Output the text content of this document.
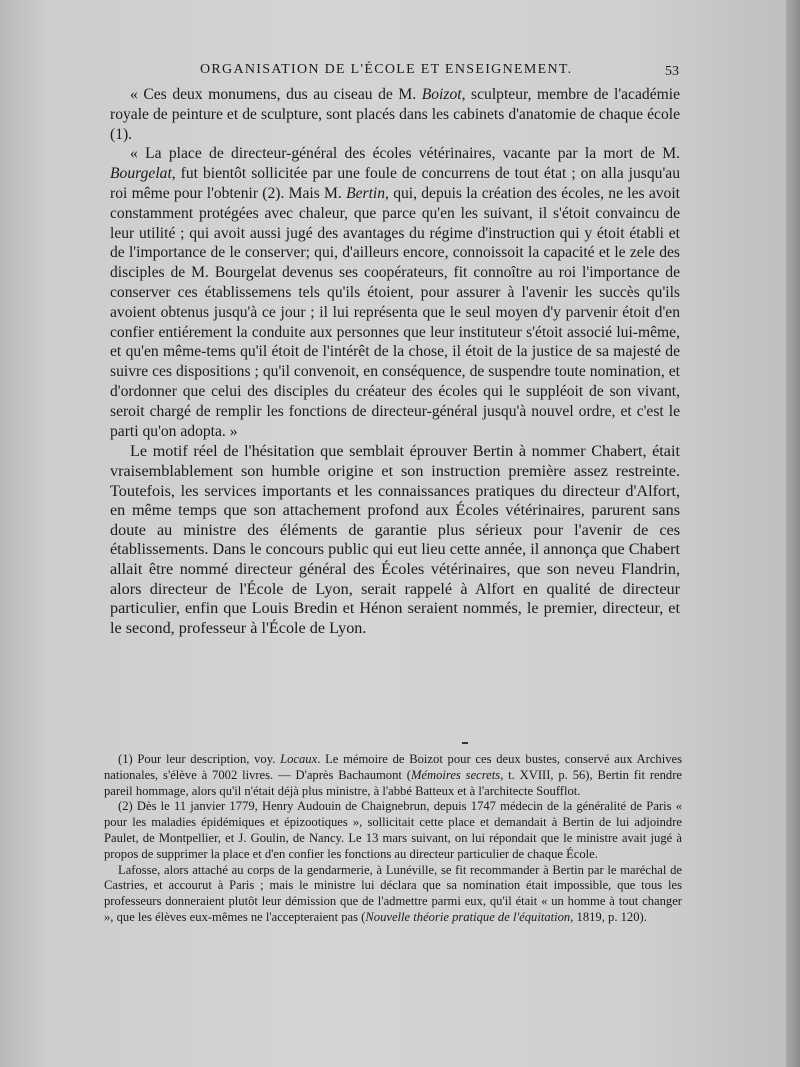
ORGANISATION DE L'ÉCOLE ET ENSEIGNEMENT.	53

« Ces deux monumens, dus au ciseau de M. Boizot, sculpteur, membre de l'académie royale de peinture et de sculpture, sont placés dans les cabinets d'anatomie de chaque école (1).

« La place de directeur-général des écoles vétérinaires, vacante par la mort de M. Bourgelat, fut bientôt sollicitée par une foule de concurrens de tout état ; on alla jusqu'au roi même pour l'obtenir (2). Mais M. Bertin, qui, depuis la création des écoles, ne les avoit constamment protégées avec chaleur, que parce qu'en les suivant, il s'étoit convaincu de leur utilité ; qui avoit aussi jugé des avantages du régime d'instruction qui y étoit établi et de l'importance de le conserver; qui, d'ailleurs encore, connoissoit la capacité et le zele des disciples de M. Bourgelat devenus ses coopérateurs, fit connoître au roi l'importance de conserver ces établissemens tels qu'ils étoient, pour assurer à l'avenir les succès qu'ils avoient obtenus jusqu'à ce jour ; il lui représenta que le seul moyen d'y parvenir étoit d'en confier entiérement la conduite aux personnes que leur instituteur s'étoit associé lui-même, et qu'en même-tems qu'il étoit de l'intérêt de la chose, il étoit de la justice de sa majesté de suivre ces dispositions ; qu'il convenoit, en conséquence, de suspendre toute nomination, et d'ordonner que celui des disciples du créateur des écoles qui le suppléoit de son vivant, seroit chargé de remplir les fonctions de directeur-général jusqu'à nouvel ordre, et c'est le parti qu'on adopta. »

Le motif réel de l'hésitation que semblait éprouver Bertin à nommer Chabert, était vraisemblablement son humble origine et son instruction première assez restreinte. Toutefois, les services importants et les connaissances pratiques du directeur d'Alfort, en même temps que son attachement profond aux Écoles vétérinaires, parurent sans doute au ministre des éléments de garantie plus sérieux pour l'avenir de ces établissements. Dans le concours public qui eut lieu cette année, il annonça que Chabert allait être nommé directeur général des Écoles vétérinaires, que son neveu Flandrin, alors directeur de l'École de Lyon, serait rappelé à Alfort en qualité de directeur particulier, enfin que Louis Bredin et Hénon seraient nommés, le premier, directeur, et le second, professeur à l'École de Lyon.

(1) Pour leur description, voy. Locaux. Le mémoire de Boizot pour ces deux bustes, conservé aux Archives nationales, s'élève à 7002 livres. — D'après Bachaumont (Mémoires secrets, t. XVIII, p. 56), Bertin fit rendre pareil hommage, alors qu'il n'était déjà plus ministre, à l'abbé Batteux et à l'architecte Soufflot.

(2) Dès le 11 janvier 1779, Henry Audouin de Chaignebrun, depuis 1747 médecin de la généralité de Paris « pour les maladies épidémiques et épizootiques », sollicitait cette place et demandait à Bertin de lui adjoindre Paulet, de Montpellier, et J. Goulin, de Nancy. Le 13 mars suivant, on lui répondait que le ministre avait jugé à propos de supprimer la place et d'en confier les fonctions au directeur particulier de chaque École.

Lafosse, alors attaché au corps de la gendarmerie, à Lunéville, se fit recommander à Bertin par le maréchal de Castries, et accourut à Paris ; mais le ministre lui déclara que sa nomination était impossible, que tous les professeurs donneraient plutôt leur démission que de l'admettre parmi eux, qu'il était « un homme à tout changer », que les élèves eux-mêmes ne l'accepteraient pas (Nouvelle théorie pratique de l'équitation, 1819, p. 120).
